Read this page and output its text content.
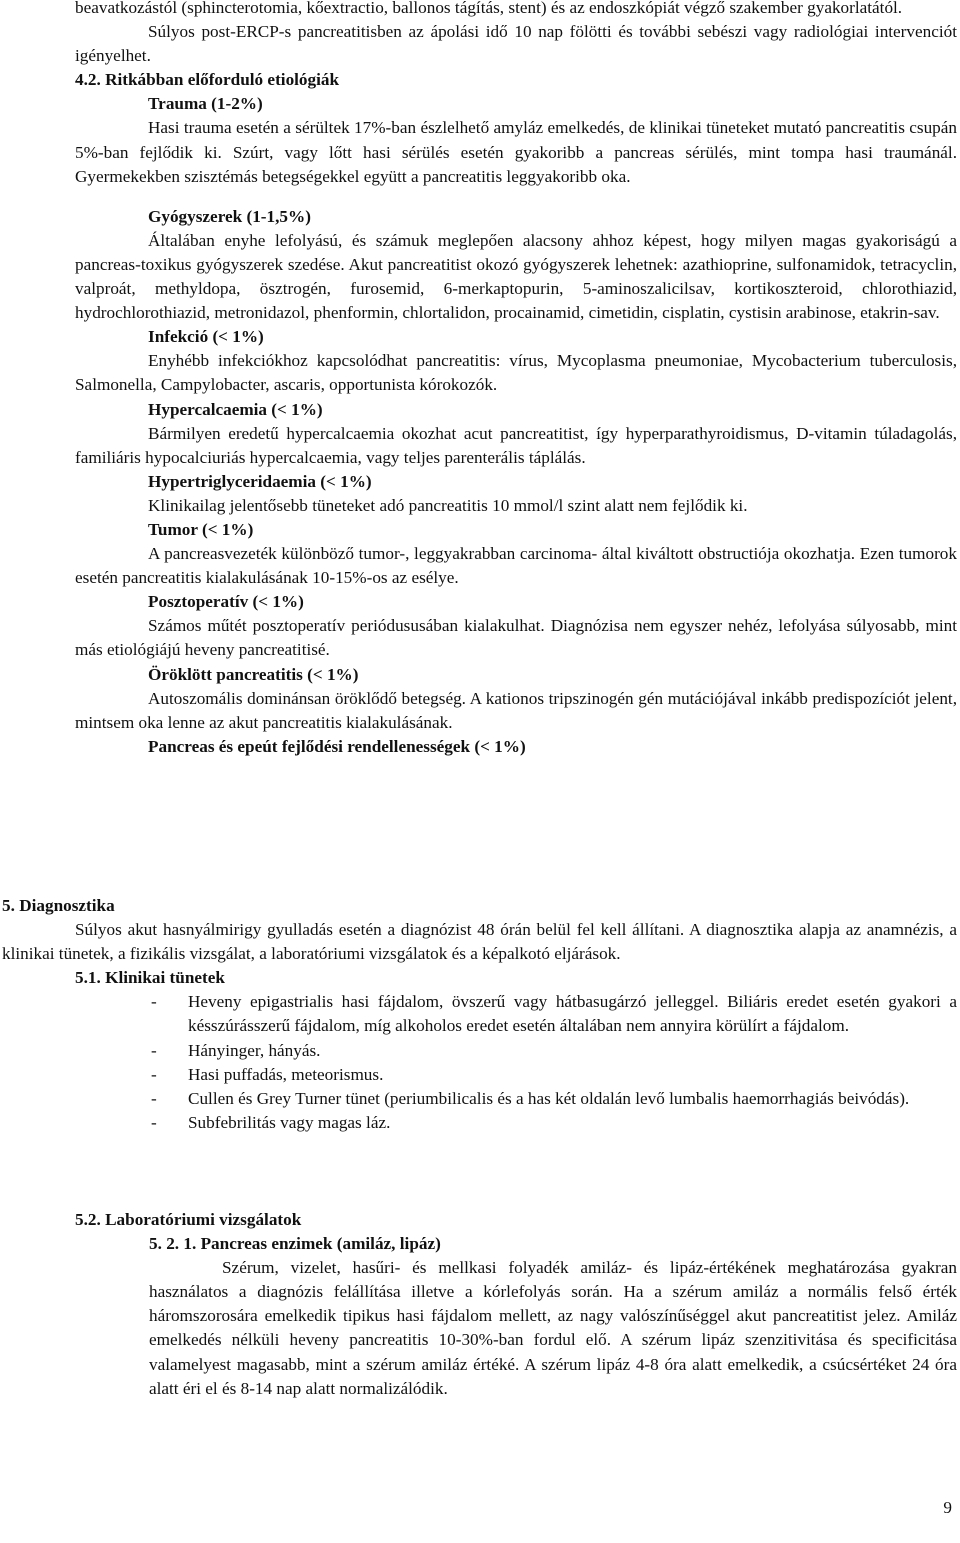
beavatkozástól (sphincterotomia, kőextractio, ballonos tágítás, stent) és az endoszkópiát végző szakember gyakorlatától.

Súlyos post-ERCP-s pancreatitisben az ápolási idő 10 nap fölötti és további sebészi vagy radiológiai intervenciót igényelhet.

4.2. Ritkábban előforduló etiológiák

Trauma (1-2%)

Hasi trauma esetén a sérültek 17%-ban észlelhető amyláz emelkedés, de klinikai tüneteket mutató pancreatitis csupán 5%-ban fejlődik ki. Szúrt, vagy lőtt hasi sérülés esetén gyakoribb a pancreas sérülés, mint tompa hasi traumánál. Gyermekekben szisztémás betegségekkel együtt a pancreatitis leggyakoribb oka.

Gyógyszerek (1-1,5%)

Általában enyhe lefolyású, és számuk meglepően alacsony ahhoz képest, hogy milyen magas gyakoriságú a pancreas-toxikus gyógyszerek szedése. Akut pancreatitist okozó gyógyszerek lehetnek: azathioprine, sulfonamidok, tetracyclin, valproát, methyldopa, ösztrogén, furosemid, 6-merkaptopurin, 5-aminoszalicilsav, kortikoszteroid, chlorothiazid, hydrochlorothiazid, metronidazol, phenformin, chlortalidon, procainamid, cimetidin, cisplatin, cystisin arabinose, etakrin-sav.

Infekció (< 1%)

Enyhébb infekciókhoz kapcsolódhat pancreatitis: vírus, Mycoplasma pneumoniae, Mycobacterium tuberculosis, Salmonella, Campylobacter, ascaris, opportunista kórokozók.

Hypercalcaemia (< 1%)

Bármilyen eredetű hypercalcaemia okozhat acut pancreatitist, így hyperparathyroidismus, D-vitamin túladagolás, familiáris hypocalciuriás hypercalcaemia, vagy teljes parenterális táplálás.

Hypertriglyceridaemia (< 1%)

Klinikailag jelentősebb tüneteket adó pancreatitis 10 mmol/l szint alatt nem fejlődik ki.

Tumor (< 1%)

A pancreasvezeték különböző tumor-, leggyakrabban carcinoma- által kiváltott obstructiója okozhatja. Ezen tumorok esetén pancreatitis kialakulásának 10-15%-os az esélye.

Posztoperatív (< 1%)

Számos műtét posztoperatív periódususában kialakulhat. Diagnózisa nem egyszer nehéz, lefolyása súlyosabb, mint más etiológiájú heveny pancreatitisé.

Öröklött pancreatitis (< 1%)

Autoszomális dominánsan öröklődő betegség. A kationos tripszinogén gén mutációjával inkább predispozíciót jelent, mintsem oka lenne az akut pancreatitis kialakulásának.

Pancreas és epeút fejlődési rendellenességek (< 1%)

5. Diagnosztika

Súlyos akut hasnyálmirigy gyulladás esetén a diagnózist 48 órán belül fel kell állítani. A diagnosztika alapja az anamnézis, a klinikai tünetek, a fizikális vizsgálat, a laboratóriumi vizsgálatok és a képalkotó eljárások.

5.1. Klinikai tünetek

- Heveny epigastrialis hasi fájdalom, övszerű vagy hátbasugárzó jelleggel. Biliáris eredet esetén gyakori a késszúrásszerű fájdalom, míg alkoholos eredet esetén általában nem annyira körülírt a fájdalom.
- Hányinger, hányás.
- Hasi puffadás, meteorismus.
- Cullen és Grey Turner tünet (periumbilicalis és a has két oldalán levő lumbalis haemorrhagiás beivódás).
- Subfebrilitás vagy magas láz.

5.2. Laboratóriumi vizsgálatok

5. 2. 1. Pancreas enzimek (amiláz, lipáz)

Szérum, vizelet, hasűri- és mellkasi folyadék amiláz- és lipáz-értékének meghatározása gyakran használatos a diagnózis felállítása illetve a kórlefolyás során. Ha a szérum amiláz a normális felső érték háromszorosára emelkedik tipikus hasi fájdalom mellett, az nagy valószínűséggel akut pancreatitist jelez. Amiláz emelkedés nélküli heveny pancreatitis 10-30%-ban fordul elő. A szérum lipáz szenzitivitása és specificitása valamelyest magasabb, mint a szérum amiláz értéké. A szérum lipáz 4-8 óra alatt emelkedik, a csúcsértéket 24 óra alatt éri el és 8-14 nap alatt normalizálódik.

9
